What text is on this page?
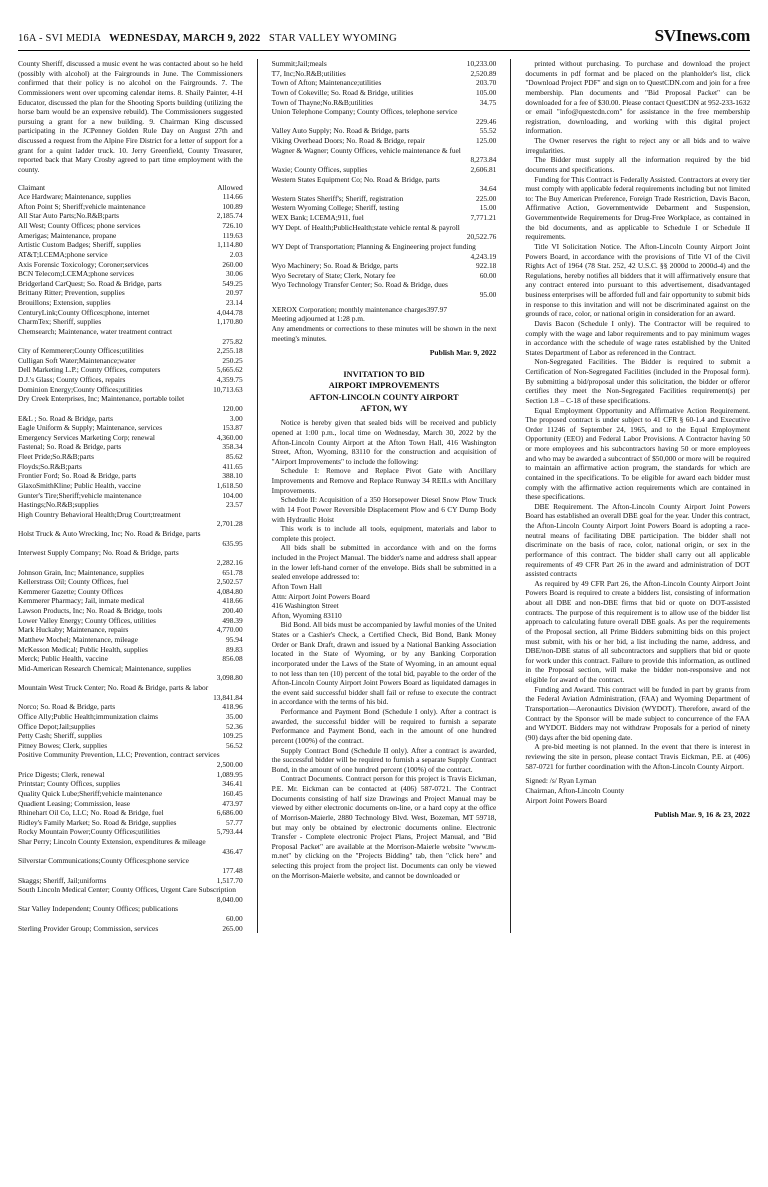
16A - SVI MEDIA WEDNESDAY, MARCH 9, 2022 STAR VALLEY WYOMING	SVInews.com

County Sheriff, discussed a music event he was contacted about so he held (possibly with alcohol) at the Fairgrounds in June. The Commissioners confirmed that their policy is no alcohol on the Fairgrounds. 7. The Commissioners went over upcoming calendar items. 8. Shaily Painter, 4-H Educator, discussed the plan for the Shooting Sports building (utilizing the horse barn would be an expensive rebuild). The Commissioners suggested pursuing a grant for a new building. 9. Chairman King discussed participating in the JCPenney Golden Rule Day on August 27th and discussed a request from the Alpine Fire District for a letter of support for a grant for a quint ladder truck. 10. Jerry Greenfield, County Treasurer, reported back that Mary Crosby agreed to part time employment with the county.

Claimant	Allowed
Ace Hardware; Maintenance, supplies	114.66
Afton Point S; Sheriff;vehicle maintenance	100.89
All Star Auto Parts;No.R&B;parts	2,185.74
All West; County Offices; phone services	726.10
Amerigas; Maintenance, propane	119.63
Artistic Custom Badges; Sheriff, supplies	1,114.80
AT&T;LCEMA;phone service	2.03
Axis Forensic Toxicology; Coroner;services	260.00
BCN Telecom;LCEMA;phone services	30.06
Bridgerland CarQuest; So. Road & Bridge, parts	549.25
Brittany Ritter; Prevention, supplies	20.97
Brouillons; Extension, supplies	23.14
CenturyLink;County Offices;phone, internet	4,044.78
CharmTex; Sheriff, supplies	1,170.80
Chemsearch; Maintenance, water treatment contract
275.82
City of Kemmerer;County Offices;utilities	2,255.18
Culligan Soft Water;Maintenance;water	250.25
Dell Marketing L.P.; County Offices, computers	5,665.62
D.J.'s Glass; County Offices, repairs	4,359.75
Dominion Energy;County Offices;utilities	10,713.63
Dry Creek Enterprises, Inc; Maintenance, portable toilet
120.00
E&L ; So. Road & Bridge, parts	3.00
Eagle Uniform & Supply; Maintenance, services	153.87
Emergency Services Marketing Corp; renewal	4,360.00
Fastenal; So. Road & Bridge, parts	358.34
Fleet Pride;So.R&B;parts	85.62
Floyds;So.R&B;parts	411.65
Frontier Ford; So. Road & Bridge, parts	388.10
GlaxoSmithKline; Public Health, vaccine	1,618.50
Gunter's Tire;Sheriff;vehicle maintenance	104.00
Hastings;No.R&B;supplies	23.57
High Country Behavioral Health;Drug Court;treatment
2,701.28
Holst Truck & Auto Wrecking, Inc; No. Road & Bridge, parts
635.95
Interwest Supply Company; No. Road & Bridge, parts
2,282.16
Johnson Grain, Inc; Maintenance, supplies	651.78
Kellerstrass Oil; County Offices, fuel	2,502.57
Kemmerer Gazette; County Offices	4,084.80
Kemmerer Pharmacy; Jail, inmate medical	418.66
Lawson Products, Inc; No. Road & Bridge, tools	200.40
Lower Valley Energy; County Offices, utilities	498.39
Mark Huckaby; Maintenance, repairs	4,770.00
Matthew Mochel; Maintenance, mileage	95.94
McKesson Medical; Public Health, supplies	89.83
Merck; Public Health, vaccine	856.08
Mid-American Research Chemical; Maintenance, supplies
3,098.80
Mountain West Truck Center; No. Road & Bridge, parts & labor
13,841.84
Norco; So. Road & Bridge, parts	418.96
Office Ally;Public Health;immunization claims	35.00
Office Depot;Jail;supplies	52.36
Petty Cash; Sheriff, supplies	109.25
Pitney Bowes; Clerk, supplies	56.52
Positive Community Prevention, LLC; Prevention, contract services
2,500.00
Price Digests; Clerk, renewal	1,089.95
Printstar; County Offices, supplies	346.41
Quality Quick Lube;Sheriff;vehicle maintenance	160.45
Quadient Leasing; Commission, lease	473.97
Rhinehart Oil Co, LLC; No. Road & Bridge, fuel	6,686.00
Ridley's Family Market; So. Road & Bridge, supplies	57.77
Rocky Mountain Power;County Offices;utilities	5,793.44
Shar Perry; Lincoln County Extension, expenditures & mileage
436.47
Silverstar Communications;County Offices;phone service
177.48
Skaggs; Sheriff, Jail;uniforms	1,517.70
South Lincoln Medical Center; County Offices, Urgent Care Subscription
8,040.00
Star Valley Independent; County Offices; publications
60.00
Sterling Provider Group; Commission, services	265.00
Summit;Jail;meals	10,233.00
T7, Inc;No.R&B;utilities	2,520.89
Town of Afton; Maintenance;utilities	203.70
Town of Cokeville; So. Road & Bridge, utilities	105.00
Town of Thayne;No.R&B;utilities	34.75
Union Telephone Company; County Offices, telephone service
229.46
Valley Auto Supply; No. Road & Bridge, parts	55.52
Viking Overhead Doors; No. Road & Bridge, repair	125.00
Wagner & Wagner; County Offices, vehicle maintenance & fuel
8,273.84
Waxie; County Offices, supplies	2,606.81
Western States Equipment Co; No. Road & Bridge, parts
34.64
Western States Sheriff's; Sheriff, registration	225.00
Western Wyoming College; Sheriff, testing	15.00
WEX Bank; LCEMA;911, fuel	7,771.21
WY Dept. of Health;PublicHealth;state vehicle rental & payroll
20,522.76
WY Dept of Transportation; Planning & Engineering project funding
4,243.19
Wyo Machinery; So. Road & Bridge, parts	922.18
Wyo Secretary of State; Clerk, Notary fee	60.00
Wyo Technology Transfer Center; So. Road & Bridge, dues
95.00

XEROX Corporation; monthly maintenance charges397.97

Meeting adjourned at 1:28 p.m.

Any amendments or corrections to these minutes will be shown in the next meeting's minutes.

Publish Mar. 9, 2022
INVITATION TO BID
AIRPORT IMPROVEMENTS
AFTON-LINCOLN COUNTY AIRPORT
AFTON, WY

Notice is hereby given that sealed bids will be received and publicly opened at 1:00 p.m., local time on Wednesday, March 30, 2022 by the Afton-Lincoln County Airport at the Afton Town Hall, 416 Washington Street, Afton, Wyoming, 83110 for the construction and acquisition of "Airport Improvements" to include the following:

Schedule I: Remove and Replace Pivot Gate with Ancillary Improvements and Remove and Replace Runway 34 REILs with Ancillary Improvements.

Schedule II: Acquisition of a 350 Horsepower Diesel Snow Plow Truck with 14 Foot Power Reversible Displacement Plow and 6 CY Dump Body with Hydraulic Hoist

This work is to include all tools, equipment, materials and labor to complete this project.

All bids shall be submitted in accordance with and on the forms included in the Project Manual. The bidder's name and address shall appear in the lower left-hand corner of the envelope. Bids shall be submitted in a sealed envelope addressed to:

Afton Town Hall

Attn: Airport Joint Powers Board

416 Washington Street

Afton, Wyoming 83110

Bid Bond. All bids must be accompanied by lawful monies of the United States or a Cashier's Check, a Certified Check, Bid Bond, Bank Money Order or Bank Draft, drawn and issued by a National Banking Association located in the State of Wyoming, or by any Banking Corporation incorporated under the Laws of the State of Wyoming, in an amount equal to not less than ten (10) percent of the total bid, payable to the order of the Afton-Lincoln County Airport Joint Powers Board as liquidated damages in the event said successful bidder shall fail or refuse to execute the contract in accordance with the terms of his bid.

Performance and Payment Bond (Schedule I only). After a contract is awarded, the successful bidder will be required to furnish a separate Performance and Payment Bond, each in the amount of one hundred percent (100%) of the contract.

Supply Contract Bond (Schedule II only). After a contract is awarded, the successful bidder will be required to furnish a separate Supply Contract Bond, in the amount of one hundred percent (100%) of the contract.

Contract Documents. Contract person for this project is Travis Eickman, P.E. Mr. Eickman can be contacted at (406) 587-0721. The Contract Documents consisting of half size Drawings and Project Manual may be viewed by either electronic documents on-line, or a hard copy at the office of Morrison-Maierle, 2880 Technology Blvd. West, Bozeman, MT 59718, but may only be obtained by electronic documents online. Electronic Transfer - Complete electronic Project Plans, Project Manual, and "Bid Proposal Packet" are available at the Morrison-Maierle website "www.m-m.net" by clicking on the "Projects Bidding" tab, then "click here" and selecting this project from the project list. Documents can only be viewed on the Morrison-Maierle website, and cannot be downloaded or

printed without purchasing. To purchase and download the project documents in pdf format and be placed on the planholder's list, click "Download Project PDF" and sign on to QuestCDN.com and join for a free membership. Plan documents and "Bid Proposal Packet" can be downloaded for a fee of $30.00. Please contact QuestCDN at 952-233-1632 or email "info@questcdn.com" for assistance in the free membership registration, downloading, and working with this digital project information.

The Owner reserves the right to reject any or all bids and to waive irregularities.

The Bidder must supply all the information required by the bid documents and specifications.

Funding for This Contract is Federally Assisted. Contractors at every tier must comply with applicable federal requirements including but not limited to: The Buy American Preference, Foreign Trade Restriction, Davis Bacon, Affirmative Action, Governmentwide Debarment and Suspension, Governmentwide Requirements for Drug-Free Workplace, as contained in the bid documents, and as applicable to Schedule I or Schedule II requirements.

Title VI Solicitation Notice. The Afton-Lincoln County Airport Joint Powers Board, in accordance with the provisions of Title VI of the Civil Rights Act of 1964 (78 Stat. 252, 42 U.S.C. §§ 2000d to 2000d-4) and the Regulations, hereby notifies all bidders that it will affirmatively ensure that any contract entered into pursuant to this advertisement, disadvantaged business enterprises will be afforded full and fair opportunity to submit bids in response to this invitation and will not be discriminated against on the grounds of race, color, or national origin in consideration for an award.

Davis Bacon (Schedule I only). The Contractor will be required to comply with the wage and labor requirements and to pay minimum wages in accordance with the schedule of wage rates established by the United States Department of Labor as referenced in the Contract.

Non-Segregated Facilities. The Bidder is required to submit a Certification of Non-Segregated Facilities (included in the Proposal form). By submitting a bid/proposal under this solicitation, the bidder or offeror certifies they meet the Non-Segregated Facilities requirement(s) per Section 1.8 – C-18 of these specifications.

Equal Employment Opportunity and Affirmative Action Requirement. The proposed contract is under subject to 41 CFR § 60-1.4 and Executive Order 11246 of September 24, 1965, and to the Equal Employment Opportunity (EEO) and Federal Labor Provisions. A Contractor having 50 or more employees and his subcontractors having 50 or more employees and who may be awarded a subcontract of $50,000 or more will be required to maintain an affirmative action program, the standards for which are contained in the specifications. To be eligible for award each bidder must comply with the affirmative action requirements which are contained in these specifications.

DBE Requirement. The Afton-Lincoln County Airport Joint Powers Board has established an overall DBE goal for the year. Under this contract, the Afton-Lincoln County Airport Joint Powers Board is adopting a race-neutral means of facilitating DBE participation. The bidder shall not discriminate on the basis of race, color, national origin, or sex in the performance of this contract. The bidder shall carry out all applicable requirements of 49 CFR Part 26 in the award and administration of DOT assisted contracts

As required by 49 CFR Part 26, the Afton-Lincoln County Airport Joint Powers Board is required to create a bidders list, consisting of information about all DBE and non-DBE firms that bid or quote on DOT-assisted contracts. The purpose of this requirement is to allow use of the bidder list approach to calculating future overall DBE goals. As per the requirements of the Proposal section, all Prime Bidders submitting bids on this project must submit, with his or her bid, a list including the name, address, and DBE/non-DBE status of all subcontractors and suppliers that bid or quote for work under this contract. Failure to provide this information, as outlined in the Proposal section, will make the bidder non-responsive and not eligible for award of the contract.

Funding and Award. This contract will be funded in part by grants from the Federal Aviation Administration, (FAA) and Wyoming Department of Transportation—Aeronautics Division (WYDOT). Therefore, award of the Contract by the Sponsor will be made subject to concurrence of the FAA and WYDOT. Bidders may not withdraw Proposals for a period of ninety (90) days after the bid opening date.

A pre-bid meeting is not planned. In the event that there is interest in reviewing the site in person, please contact Travis Eickman, P.E. at (406) 587-0721 for further coordination with the Afton-Lincoln County Airport.

Signed: /s/ Ryan Lyman
Chairman, Afton-Lincoln County
Airport Joint Powers Board
Publish Mar. 9, 16 & 23, 2022
